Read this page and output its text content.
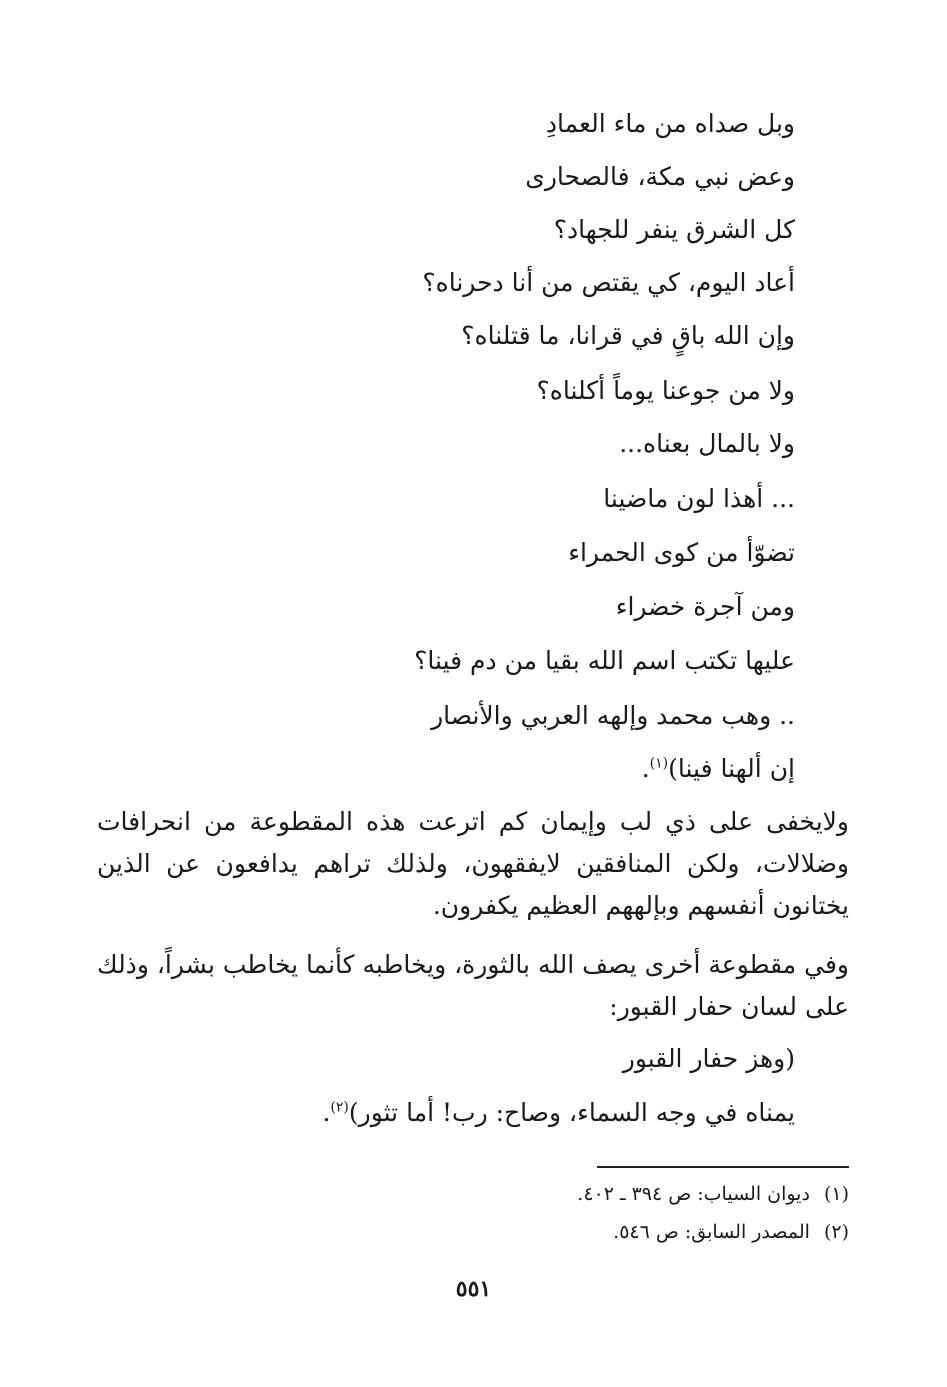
وبل صداه من ماء العمادِ
وعض نبي مكة، فالصحارى
كل الشرق ينفر للجهاد؟
أعاد اليوم، كي يقتص من أنا دحرناه؟
وإن الله باقٍ في قرانا، ما قتلناه؟
ولا من جوعنا يوماً أكلناه؟
ولا بالمال بعناه...
... أهذا لون ماضينا
تضوّأ من كوى الحمراء
ومن آجرة خضراء
عليها تكتب اسم الله بقيا من دم فينا؟
.. وهب محمد وإلهه العربي والأنصار
إن ألهنا فينا)$^{(١)}$.

ولايخفى على ذي لب وإيمان كم اترعت هذه المقطوعة من انحرافات وضلالات، ولكن المنافقين لايفقهون، ولذلك تراهم يدافعون عن الذين يختانون أنفسهم وبإلههم العظيم يكفرون.

وفي مقطوعة أخرى يصف الله بالثورة، ويخاطبه كأنما يخاطب بشراً، وذلك على لسان حفار القبور:

(وهز حفار القبور
يمناه في وجه السماء، وصاح: رب! أما تثور)$^{(٢)}$.
(١)ديوان السياب: ص ٣٩٤ ـ ٤٠٢.
(٢)المصدر السابق: ص ٥٤٦.
٥٥١
